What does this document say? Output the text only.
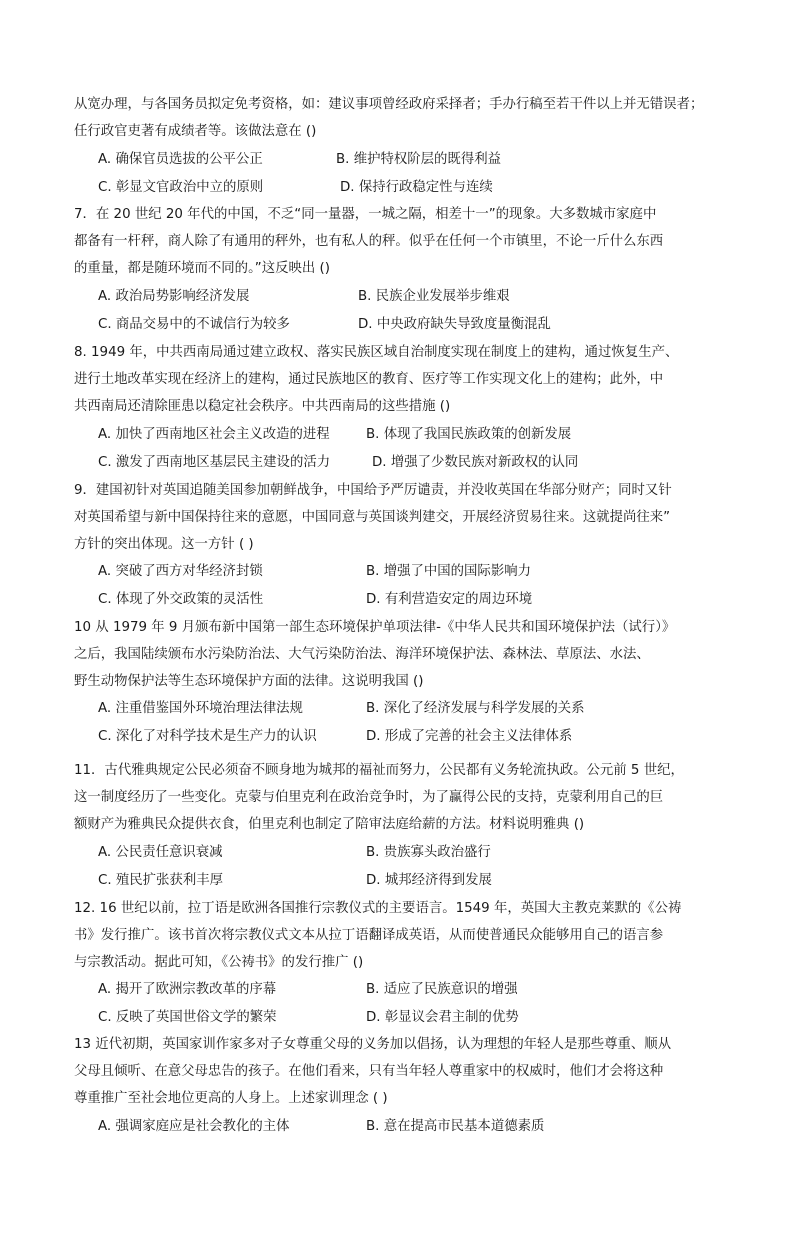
从宽办理，与各国务员拟定免考资格，如：建议事项曾经政府采择者；手办行稿至若干件以上并无错误者；
任行政官吏著有成绩者等。该做法意在 ()
A. 确保官员选拔的公平公正	B. 维护特权阶层的既得利益
C. 彰显文官政治中立的原则	D. 保持行政稳定性与连续
7．在 20 世纪 20 年代的中国，不乏“同一量器，一城之隔，相差十一”的现象。大多数城市家庭中
都备有一杆秤，商人除了有通用的秤外，也有私人的秤。似乎在任何一个市镇里，不论一斤什么东西
的重量，都是随环境而不同的。”这反映出 ()
A. 政治局势影响经济发展	B. 民族企业发展举步维艰
C. 商品交易中的不诚信行为较多	D. 中央政府缺失导致度量衡混乱
8. 1949 年，中共西南局通过建立政权、落实民族区域自治制度实现在制度上的建构，通过恢复生产、
进行土地改革实现在经济上的建构，通过民族地区的教育、医疗等工作实现文化上的建构；此外，中
共西南局还清除匪患以稳定社会秩序。中共西南局的这些措施 ()
A. 加快了西南地区社会主义改造的进程	B. 体现了我国民族政策的创新发展
C. 激发了西南地区基层民主建设的活力	D. 增强了少数民族对新政权的认同
9．建国初针对英国追随美国参加朝鲜战争，中国给予严厉谴责，并没收英国在华部分财产；同时又针
对英国希望与新中国保持往来的意愿，中国同意与英国谈判建交，开展经济贸易往来。这就提尚往来”
方针的突出体现。这一方针 ( )
A. 突破了西方对华经济封锁	B. 增强了中国的国际影响力
C. 体现了外交政策的灵活性	D. 有利营造安定的周边环境
10 从 1979 年 9 月颁布新中国第一部生态环境保护单项法律-《中华人民共和国环境保护法（试行）》
之后，我国陆续颁布水污染防治法、大气污染防治法、海洋环境保护法、森林法、草原法、水法、
野生动物保护法等生态环境保护方面的法律。这说明我国 ()
A. 注重借鉴国外环境治理法律法规	B. 深化了经济发展与科学发展的关系
C. 深化了对科学技术是生产力的认识	D. 形成了完善的社会主义法律体系
11．古代雅典规定公民必须奋不顾身地为城邦的福祉而努力，公民都有义务轮流执政。公元前 5 世纪，
这一制度经历了一些变化。克蒙与伯里克利在政治竞争时，为了赢得公民的支持，克蒙利用自己的巨
额财产为雅典民众提供衣食，伯里克利也制定了陪审法庭给薪的方法。材料说明雅典 ()
A. 公民责任意识衰减	B. 贵族寡头政治盛行
C. 殖民扩张获利丰厚	D. 城邦经济得到发展
12. 16 世纪以前，拉丁语是欧洲各国推行宗教仪式的主要语言。1549 年，英国大主教克莱默的《公祷
书》发行推广。该书首次将宗教仪式文本从拉丁语翻译成英语，从而使普通民众能够用自己的语言参
与宗教活动。据此可知，《公祷书》的发行推广 ()
A. 揭开了欧洲宗教改革的序幕	B. 适应了民族意识的增强
C. 反映了英国世俗文学的繁荣	D. 彰显议会君主制的优势
13 近代初期，英国家训作家多对子女尊重父母的义务加以倡扬，认为理想的年轻人是那些尊重、顺从
父母且倾听、在意父母忠告的孩子。在他们看来，只有当年轻人尊重家中的权威时，他们才会将这种
尊重推广至社会地位更高的人身上。上述家训理念 ( )
A. 强调家庭应是社会教化的主体	B. 意在提高市民基本道德素质
